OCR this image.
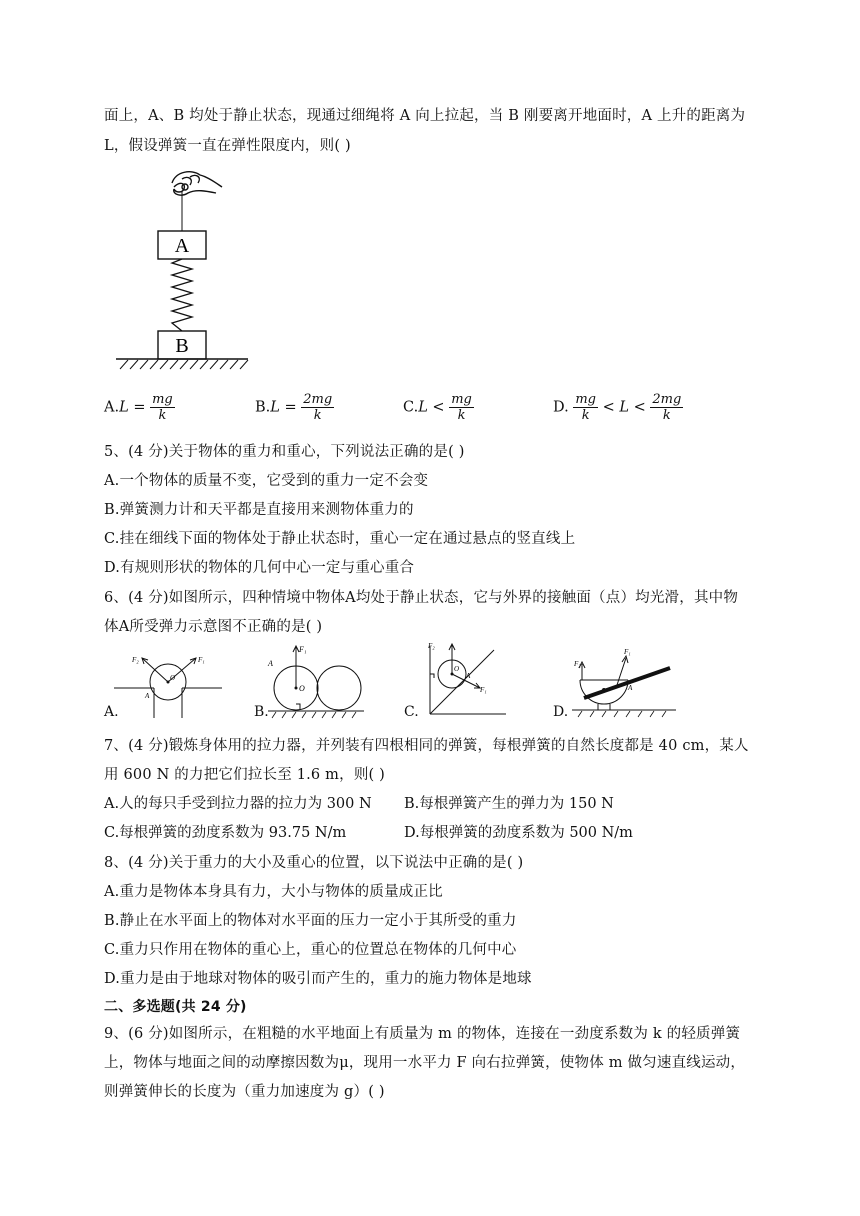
面上，A、B 均处于静止状态，现通过细绳将 A 向上拉起，当 B 刚要离开地面时，A 上升的距离为
L，假设弹簧一直在弹性限度内，则( )
A
B
$A.L = \frac{mg}{k}$	$B.L = \frac{2mg}{k}$	$C.L < \frac{mg}{k}$	D. $\frac{mg}{k} < L < \frac{2mg}{k}$
5、(4 分)关于物体的重力和重心，下列说法正确的是( )
A.一个物体的质量不变，它受到的重力一定不会变
B.弹簧测力计和天平都是直接用来测物体重力的
C.挂在细线下面的物体处于静止状态时，重心一定在通过悬点的竖直线上
D.有规则形状的物体的几何中心一定与重心重合
6、(4 分)如图所示，四种情境中物体A均处于静止状态，它与外界的接触面（点）均光滑，其中物
体A所受弹力示意图不正确的是( )
F₂	F₁
O
A
A.
F₁
O
A
B.
F₂
F₁
O
A
C.
F₂
F₁
A
D.
7、(4 分)锻炼身体用的拉力器，并列装有四根相同的弹簧，每根弹簧的自然长度都是 40 cm，某人
用 600 N 的力把它们拉长至 1.6 m，则( )
A.人的每只手受到拉力器的拉力为 300 N B.每根弹簧产生的弹力为 150 N
C.每根弹簧的劲度系数为 93.75 N/m	D.每根弹簧的劲度系数为 500 N/m
8、(4 分)关于重力的大小及重心的位置，以下说法中正确的是( )
A.重力是物体本身具有力，大小与物体的质量成正比
B.静止在水平面上的物体对水平面的压力一定小于其所受的重力
C.重力只作用在物体的重心上，重心的位置总在物体的几何中心
D.重力是由于地球对物体的吸引而产生的，重力的施力物体是地球
二、多选题(共 24 分)
9、(6 分)如图所示，在粗糙的水平地面上有质量为 m 的物体，连接在一劲度系数为 k 的轻质弹簧
上，物体与地面之间的动摩擦因数为μ，现用一水平力 F 向右拉弹簧，使物体 m 做匀速直线运动，
则弹簧伸长的长度为（重力加速度为 g）( )
